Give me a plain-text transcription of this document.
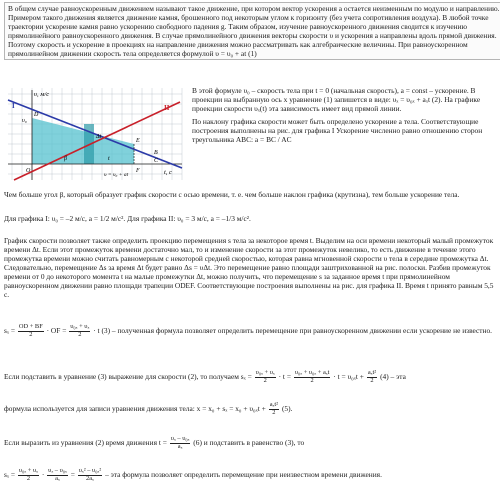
В общем случае равноускоренным движением называют такое движение, при котором вектор ускорения a остается неизменным по модулю и направлению. Примером такого движения является движение камня, брошенного под некоторым углом к горизонту (без учета сопротивления воздуха). В любой точке траектории ускорение камня равно ускорению свободного падения g. Таким образом, изучение равноускоренного движения сводится к изучению прямолинейного равноускоренного движения. В случае прямолинейного движения векторы скорости υ и ускорения a направлены вдоль прямой движения. Поэтому скорость и ускорение в проекциях на направление движения можно рассматривать как алгебраические величины. При равноускоренном прямолинейном движении скорость тела определяется формулой υ = υ₀ + at (1)

υ, м/с
t, c
I	II
υ₀
Δt
O
E
F
D
B
C
t
υ = υ₀ + at
β

В этой формуле υ₀ – скорость тела при t = 0 (начальная скорость), a = const – ускорение. В проекции на выбранную ось x уравнение (1) запишется в виде: υₓ = υ₀ₓ + aₓt (2). На графике проекции скорости υₓ(t) эта зависимость имеет вид прямой линии.

По наклону графика скорости может быть определено ускорение a тела. Соответствующие построения выполнены на рис. для графика I Ускорение численно равно отношению сторон треугольника ABC: a = BC / AC

Чем больше угол β, который образует график скорости с осью времени, т. е. чем больше наклон графика (крутизна), тем больше ускорение тела.

Для графика I: υ₀ = –2 м/с, a = 1/2 м/с². Для графика II: υ₀ = 3 м/с, a = –1/3 м/с².

График скорости позволяет также определить проекцию перемещения s тела за некоторое время t. Выделим на оси времени некоторый малый промежуток времени Δt. Если этот промежуток времени достаточно мал, то и изменение скорости за этот промежуток невелико, то есть движение в течение этого промежутка времени можно считать равномерным с некоторой средней скоростью, которая равна мгновенной скорости υ тела в середине промежутка Δt. Следовательно, перемещение Δs за время Δt будет равно Δs = υΔt. Это перемещение равно площади заштрихованной на рис. полоски. Разбив промежуток времени от 0 до некоторого момента t на малые промежутки Δt, можно получить, что перемещение s за заданное время t при прямолинейном равноускоренном движении равно площади трапеции ODEF. Соответствующие построения выполнены на рис. для графика II. Время t принято равным 5,5 с.

$s_x = \frac{OD + BF}{2}$ · OF = $\frac{\text{υ₀ₓ + υₓ}}{2} \cdot t$ (3) – полученная формула позволяет определить перемещение при равноускоренном движении если ускорение не известно.
Если подставить в уравнение (3) выражение для скорости (2), то получаем $s_x = \frac{\text{υ₀ₓ + υₓ}}{2} \cdot t = \frac{\text{υ₀ₓ + υ₀ₓ + aₓt}}{2} \cdot t = \upsilon_{0x}t + \frac{\text{aₓt²}}{2} (4)$ – эта
формула используется для записи уравнения движения тела: $x = x_0 + s_x = x_0 + \upsilon_{0x}t + \frac{\text{aₓt²}}{2} (5)$.
Если выразить из уравнения (2) время движения $t = \frac{\text{υₓ – υ₀ₓ}}{\text{aₓ}} (6)$ и подставить в равенство (3), то
$s_x = \frac{\text{υ₀ₓ + υₓ}}{2} \cdot \frac{\text{υₓ – υ₀ₓ}}{\text{aₓ}} = \frac{\text{υₓ² – υ₀ₓ²}}{\text{2aₓ}}$ – эта формула позволяет определить перемещение при неизвестном времени движения.
